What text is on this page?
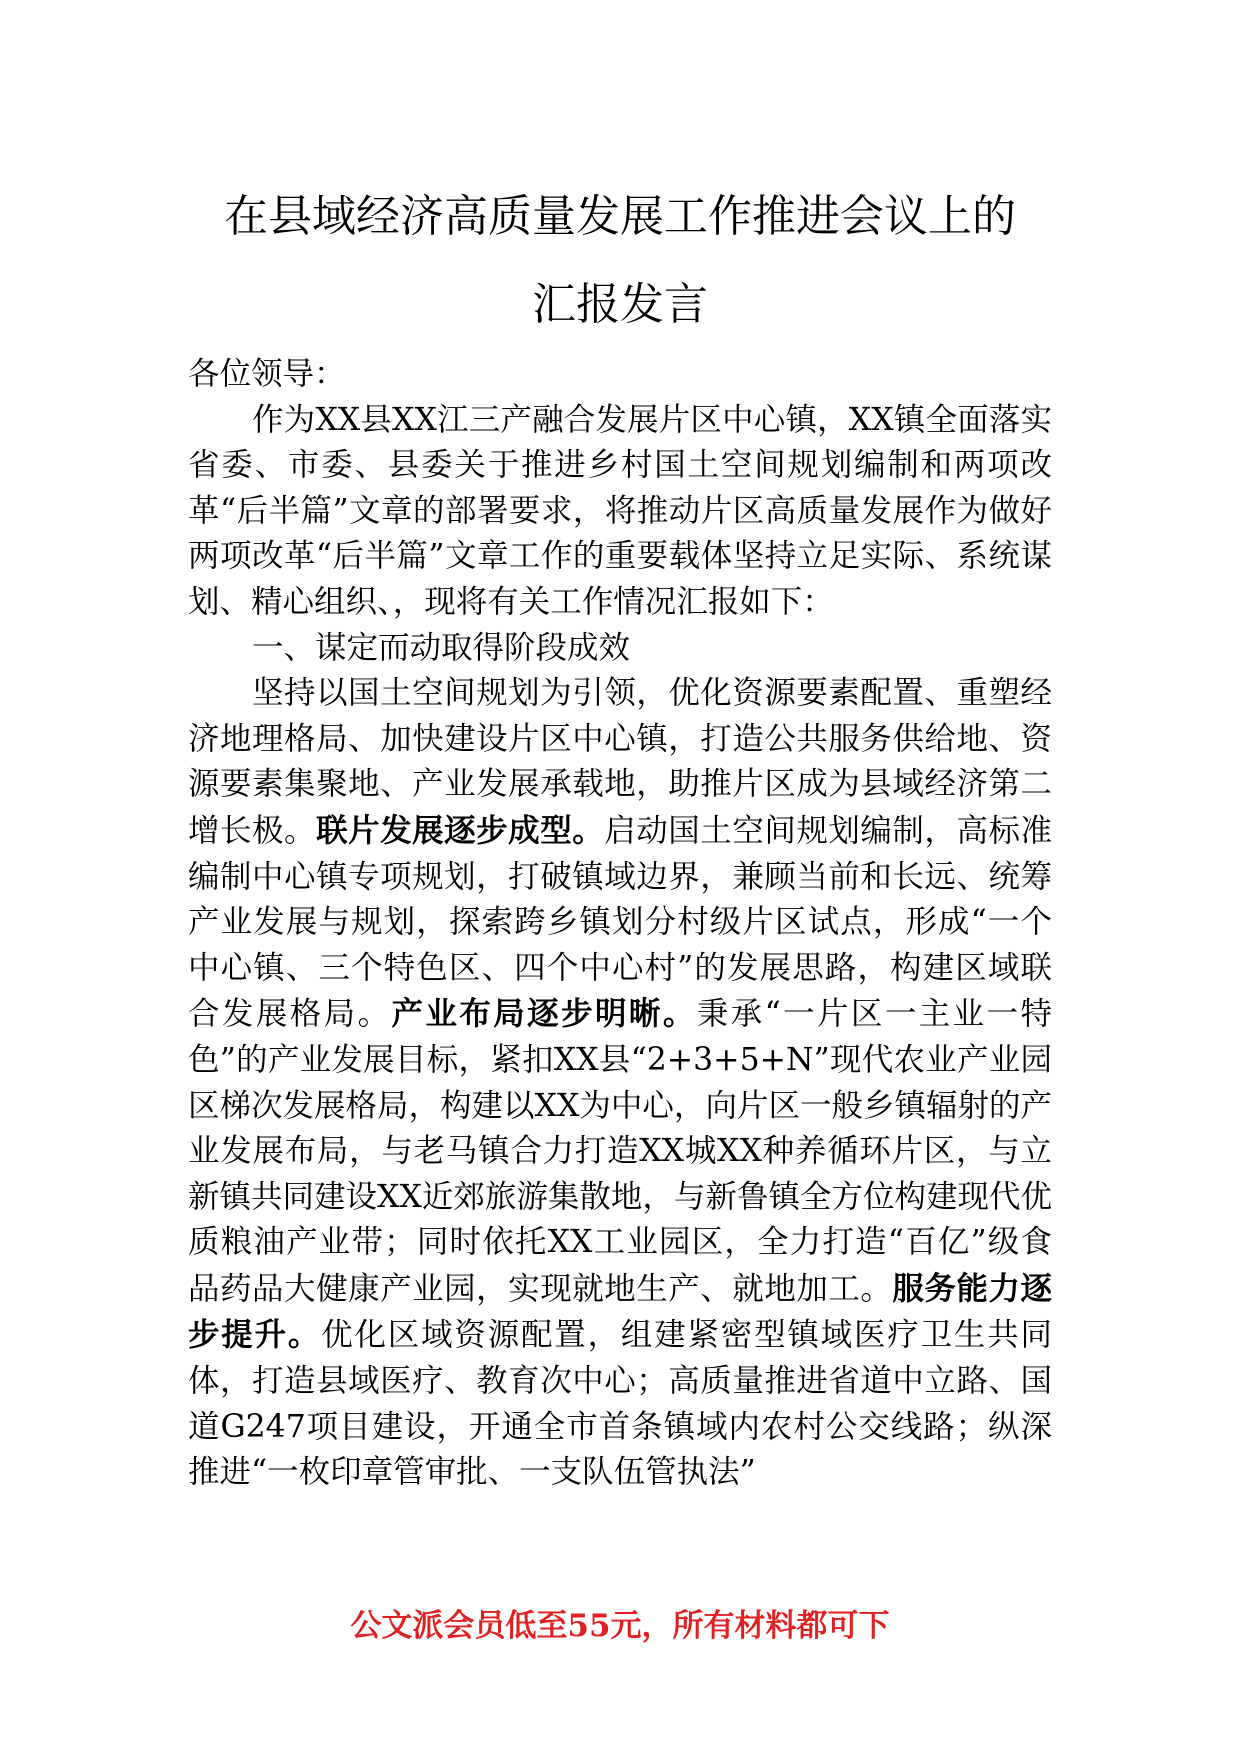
在县域经济高质量发展工作推进会议上的
汇报发言

各位领导：

作为XX县XX江三产融合发展片区中心镇，XX镇全面落实省委、市委、县委关于推进乡村国土空间规划编制和两项改革“后半篇”文章的部署要求，将推动片区高质量发展作为做好两项改革“后半篇”文章工作的重要载体坚持立足实际、系统谋划、精心组织、，现将有关工作情况汇报如下：

一、谋定而动取得阶段成效

坚持以国土空间规划为引领，优化资源要素配置、重塑经济地理格局、加快建设片区中心镇，打造公共服务供给地、资源要素集聚地、产业发展承载地，助推片区成为县域经济第二增长极。联片发展逐步成型。启动国土空间规划编制，高标准编制中心镇专项规划，打破镇域边界，兼顾当前和长远、统筹产业发展与规划，探索跨乡镇划分村级片区试点，形成“一个中心镇、三个特色区、四个中心村”的发展思路，构建区域联合发展格局。产业布局逐步明晰。秉承“一片区一主业一特色”的产业发展目标，紧扣XX县“2+3+5+N”现代农业产业园区梯次发展格局，构建以XX为中心，向片区一般乡镇辐射的产业发展布局，与老马镇合力打造XX城XX种养循环片区，与立新镇共同建设XX近郊旅游集散地，与新鲁镇全方位构建现代优质粮油产业带；同时依托XX工业园区，全力打造“百亿”级食品药品大健康产业园，实现就地生产、就地加工。服务能力逐步提升。优化区域资源配置，组建紧密型镇域医疗卫生共同体，打造县域医疗、教育次中心；高质量推进省道中立路、国道G247项目建设，开通全市首条镇域内农村公交线路；纵深推进“一枚印章管审批、一支队伍管执法”

公文派会员低至55元，所有材料都可下
